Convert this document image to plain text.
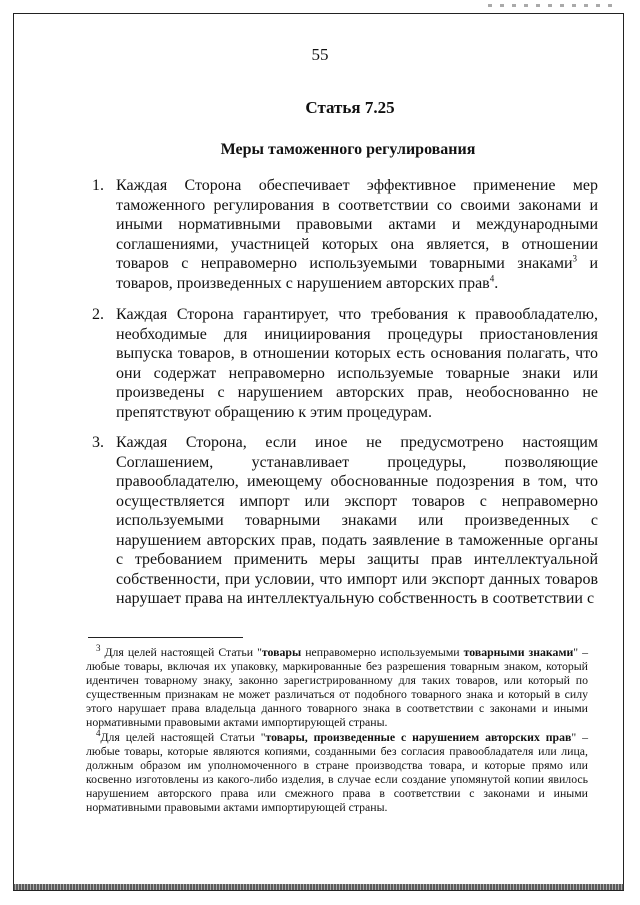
55
Статья 7.25
Меры таможенного регулирования
1. Каждая Сторона обеспечивает эффективное применение мер таможенного регулирования в соответствии со своими законами и иными нормативными правовыми актами и международными соглашениями, участницей которых она является, в отношении товаров с неправомерно используемыми товарными знаками$^3$ и товаров, произведенных с нарушением авторских прав$^4$.
2. Каждая Сторона гарантирует, что требования к правообладателю, необходимые для инициирования процедуры приостановления выпуска товаров, в отношении которых есть основания полагать, что они содержат неправомерно используемые товарные знаки или произведены с нарушением авторских прав, необоснованно не препятствуют обращению к этим процедурам.
3. Каждая Сторона, если иное не предусмотрено настоящим Соглашением, устанавливает процедуры, позволяющие правообладателю, имеющему обоснованные подозрения в том, что осуществляется импорт или экспорт товаров с неправомерно используемыми товарными знаками или произведенных с нарушением авторских прав, подать заявление в таможенные органы с требованием применить меры защиты прав интеллектуальной собственности, при условии, что импорт или экспорт данных товаров нарушает права на интеллектуальную собственность в соответствии с

$^3$ Для целей настоящей Статьи "товары неправомерно используемыми товарными знаками" – любые товары, включая их упаковку, маркированные без разрешения товарным знаком, который идентичен товарному знаку, законно зарегистрированному для таких товаров, или который по существенным признакам не может различаться от подобного товарного знака и который в силу этого нарушает права владельца данного товарного знака в соответствии с законами и иными нормативными правовыми актами импортирующей страны.

$^4$Для целей настоящей Статьи "товары, произведенные с нарушением авторских прав" – любые товары, которые являются копиями, созданными без согласия правообладателя или лица, должным образом им уполномоченного в стране производства товара, и которые прямо или косвенно изготовлены из какого-либо изделия, в случае если создание упомянутой копии явилось нарушением авторского права или смежного права в соответствии с законами и иными нормативными правовыми актами импортирующей страны.
